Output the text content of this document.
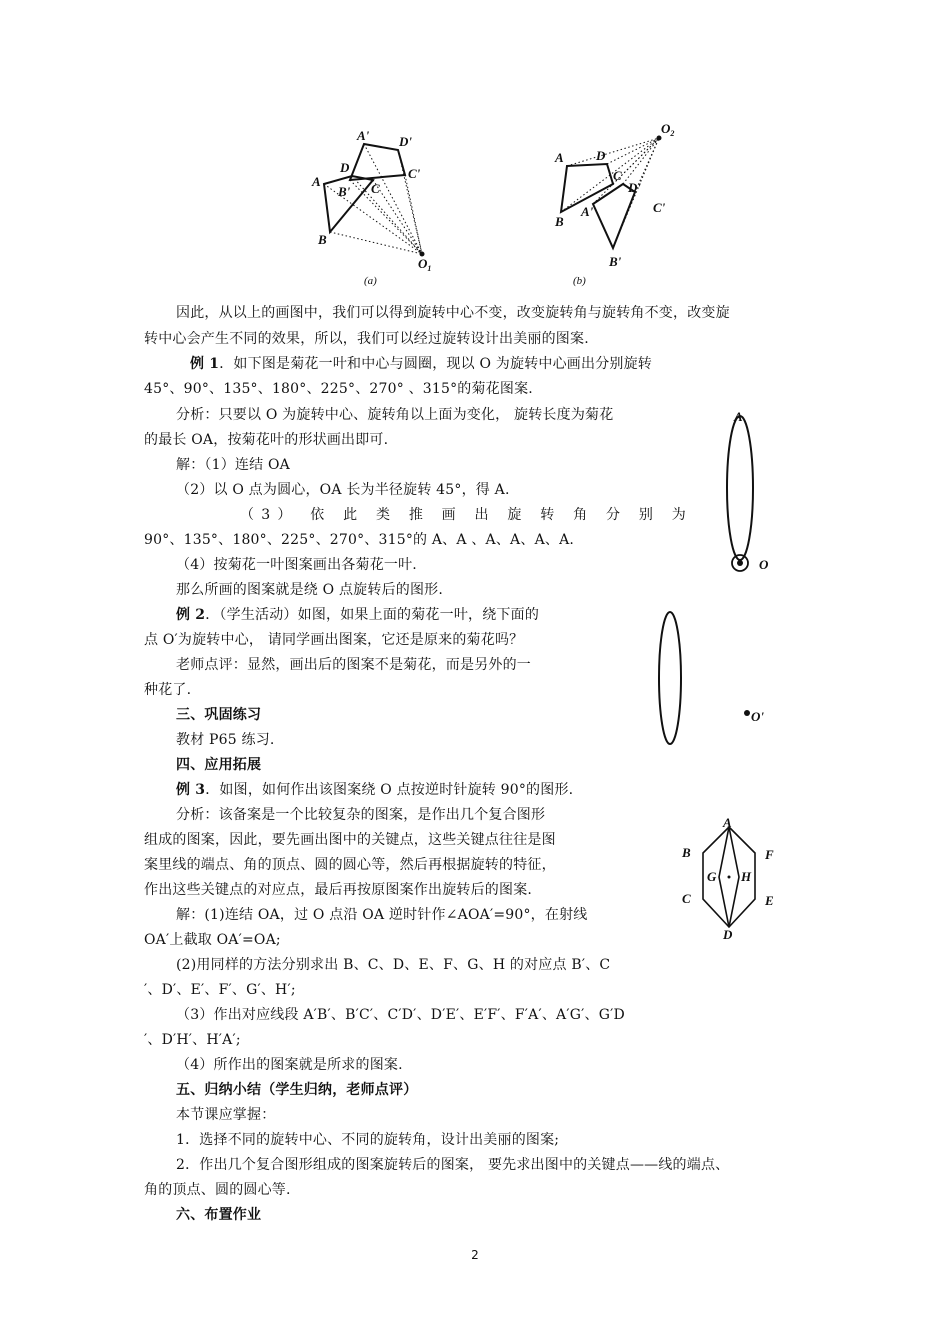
A
B
D
C
A' D'
B'
C'
$O_1$
(a)
A
B
D
C
A'
D'
B'
C'
$O_2$
(b)
A
O
O'
A
B
C
D
E
F
G H
因此，从以上的画图中，我们可以得到旋转中心不变，改变旋转角与旋转角不变，改变旋
转中心会产生不同的效果，所以，我们可以经过旋转设计出美丽的图案.
例 1．如下图是菊花一叶和中心与圆圈，现以 O 为旋转中心画出分别旋转
45°、90°、135°、180°、225°、270° 、315°的菊花图案.
分析：只要以 O 为旋转中心、旋转角以上面为变化， 旋转长度为菊花
的最长 OA，按菊花叶的形状画出即可.
解：（1）连结 OA
（2）以 O 点为圆心，OA 长为半径旋转 45°，得 A.
（3） 依 此 类 推 画 出 旋 转 角 分 别 为
90°、135°、180°、225°、270°、315°的 A、A 、A、A、A、A.
（4）按菊花一叶图案画出各菊花一叶.
那么所画的图案就是绕 O 点旋转后的图形.
例 2．（学生活动）如图，如果上面的菊花一叶，绕下面的
点 O′为旋转中心， 请同学画出图案，它还是原来的菊花吗？
老师点评：显然，画出后的图案不是菊花，而是另外的一
种花了.
三、巩固练习
教材 P65 练习.
四、应用拓展
例 3．如图，如何作出该图案绕 O 点按逆时针旋转 90°的图形.
分析：该备案是一个比较复杂的图案，是作出几个复合图形
组成的图案，因此，要先画出图中的关键点，这些关键点往往是图
案里线的端点、角的顶点、圆的圆心等，然后再根据旋转的特征，
作出这些关键点的对应点，最后再按原图案作出旋转后的图案.
解：(1)连结 OA，过 O 点沿 OA 逆时针作∠AOA′=90°，在射线
OA′上截取 OA′=OA;
(2)用同样的方法分别求出 B、C、D、E、F、G、H 的对应点 B′、C
′、D′、E′、F′、G′、H′;
（3）作出对应线段 A′B′、B′C′、C′D′、D′E′、E′F′、F′A′、A′G′、G′D
′、D′H′、H′A′;
（4）所作出的图案就是所求的图案.
五、归纳小结（学生归纳，老师点评）
本节课应掌握：
1．选择不同的旋转中心、不同的旋转角，设计出美丽的图案;
2．作出几个复合图形组成的图案旋转后的图案， 要先求出图中的关键点——线的端点、
角的顶点、圆的圆心等.
六、布置作业
2
